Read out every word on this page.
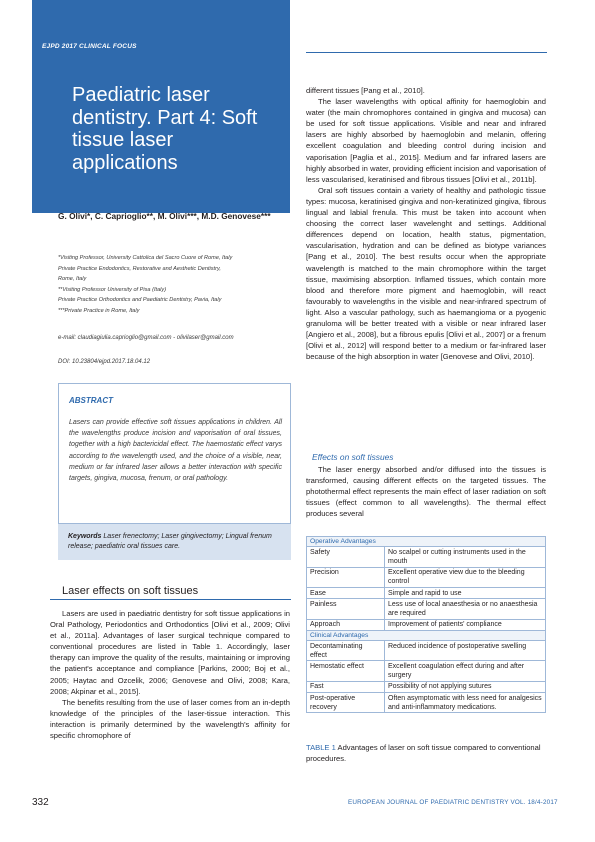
EJPD 2017 CLINICAL FOCUS
Paediatric laser dentistry. Part 4: Soft tissue laser applications
G. Olivi*, C. Caprioglio**, M. Olivi***, M.D. Genovese***
*Visiting Professor, University Cattolica del Sacro Cuore of Rome, Italy
Private Practice Endodontics, Restorative and Aesthetic Dentistry,
Rome, Italy
**Visiting Professor University of Pisa (Italy)
Private Practice Orthodontics and Paediatric Dentistry, Pavia, Italy
***Private Practice in Rome, Italy
e-mail: claudiagiulia.caprioglio@gmail.com - olivilaser@gmail.com
DOI: 10.23804/ejpd.2017.18.04.12
ABSTRACT
Lasers can provide effective soft tissues applications in children. All the wavelengths produce incision and vaporisation of oral tissues, together with a high bactericidal effect. The haemostatic effect varys according to the wavelength used, and the choice of a visible, near, medium or far infrared laser allows a better interaction with specific targets, gingiva, mucosa, frenum, or oral pathology.
Keywords Laser frenectomy; Laser gingivectomy; Lingual frenum release; paediatric oral tissues care.
Laser effects on soft tissues

Lasers are used in paediatric dentistry for soft tissue applications in Oral Pathology, Periodontics and Orthodontics [Olivi et al., 2009; Olivi et al., 2011a]. Advantages of laser surgical technique compared to conventional procedures are listed in Table 1. Accordingly, laser therapy can improve the quality of the results, maintaining or improving the patient's acceptance and compliance [Parkins, 2000; Boj et al., 2005; Haytac and Ozcelik, 2006; Genovese and Olivi, 2008; Kara, 2008; Akpinar et al., 2015].

The benefits resulting from the use of laser comes from an in-depth knowledge of the principles of the laser-tissue interaction. This interaction is primarily determined by the wavelength's affinity for specific chromophore of

different tissues [Pang et al., 2010].

The laser wavelengths with optical affinity for haemoglobin and water (the main chromophores contained in gingiva and mucosa) can be used for soft tissue applications. Visible and near and infrared lasers are highly absorbed by haemoglobin and melanin, offering excellent coagulation and bleeding control during incision and vaporisation [Paglia et al., 2015]. Medium and far infrared lasers are highly absorbed in water, providing efficient incision and vaporisation of less vascularised, keratinised and fibrous tissues [Olivi et al., 2011b].

Oral soft tissues contain a variety of healthy and pathologic tissue types: mucosa, keratinised gingiva and non-keratinized gingiva, fibrous lingual and labial frenula. This must be taken into account when choosing the correct laser wavelenght and settings. Additional differences depend on location, health status, pigmentation, vascularisation, hydration and can be defined as biotype variances [Pang et al., 2010]. The best results occur when the appropriate wavelength is matched to the main chromophore within the target tissue, maximising absorption. Inflamed tissues, which contain more blood and therefore more pigment and haemoglobin, will react favourably to wavelengths in the visible and near-infrared spectrum of light. Also a vascular pathology, such as haemangioma or a pyogenic granuloma will be better treated with a visible or near infrared laser [Angiero et al., 2008], but a fibrous epulis [Olivi et al., 2007] or a frenum [Olivi et al., 2012] will respond better to a medium or far-infrared laser because of the high absorption in water [Genovese and Olivi, 2010].

Effects on soft tissues
The laser energy absorbed and/or diffused into the tissues is transformed, causing different effects on the targeted tissues. The photothermal effect represents the main effect of laser radiation on soft tissues (effect common to all wavelengths). The thermal effect produces several
Operative Advantages	
Safety	No scalpel or cutting instruments used in the mouth
Precision	Excellent operative view due to the bleeding control
Ease	Simple and rapid to use
Painless	Less use of local anaesthesia or no anaesthesia are required
Approach	Improvement of patients' compliance
Clinical Advantages	
Decontaminating effect	Reduced incidence of postoperative swelling
Hemostatic effect	Excellent coagulation effect during and after surgery
Fast	Possibility of not applying sutures
Post-operative recovery	Often asymptomatic with less need for analgesics and anti-inflammatory medications.
TABLE 1 Advantages of laser on soft tissue compared to conventional procedures.
332	EUROPEAN JOURNAL OF PAEDIATRIC DENTISTRY VOL. 18/4-2017
